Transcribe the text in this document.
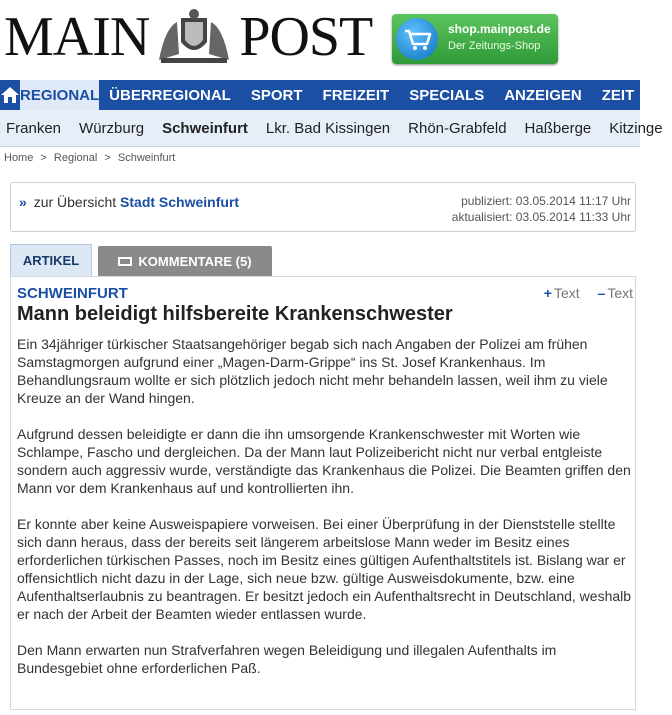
MAIN POST	shop.mainpost.de
Der Zeitungs-Shop
REGIONAL ÜBERREGIONAL	SPORT	FREIZEIT	SPECIALS	ANZEIGEN	ZEIT
Franken	Würzburg	Schweinfurt	Lkr. Bad Kissingen	Rhön-Grabfeld	Haßberge	Kitzinge
Home > Regional > Schweinfurt
» zur Übersicht Stadt Schweinfurt	publiziert: 03.05.2014 11:17 Uhr
aktualisiert: 03.05.2014 11:33 Uhr
ARTIKEL	KOMMENTARE (5)
SCHWEINFURT	+ Text – Text
Mann beleidigt hilfsbereite Krankenschwester

Ein 34jähriger türkischer Staatsangehöriger begab sich nach Angaben der Polizei am frühen Samstagmorgen aufgrund einer „Magen-Darm-Grippe“ ins St. Josef Krankenhaus. Im Behandlungsraum wollte er sich plötzlich jedoch nicht mehr behandeln lassen, weil ihm zu viele Kreuze an der Wand hingen.

Aufgrund dessen beleidigte er dann die ihn umsorgende Krankenschwester mit Worten wie Schlampe, Fascho und dergleichen. Da der Mann laut Polizeibericht nicht nur verbal entgleiste sondern auch aggressiv wurde, verständigte das Krankenhaus die Polizei. Die Beamten griffen den Mann vor dem Krankenhaus auf und kontrollierten ihn.

Er konnte aber keine Ausweispapiere vorweisen. Bei einer Überprüfung in der Dienststelle stellte sich dann heraus, dass der bereits seit längerem arbeitslose Mann weder im Besitz eines erforderlichen türkischen Passes, noch im Besitz eines gültigen Aufenthaltstitels ist. Bislang war er offensichtlich nicht dazu in der Lage, sich neue bzw. gültige Ausweisdokumente, bzw. eine Aufenthaltserlaubnis zu beantragen. Er besitzt jedoch ein Aufenthaltsrecht in Deutschland, weshalb er nach der Arbeit der Beamten wieder entlassen wurde.

Den Mann erwarten nun Strafverfahren wegen Beleidigung und illegalen Aufenthalts im Bundesgebiet ohne erforderlichen Paß.
